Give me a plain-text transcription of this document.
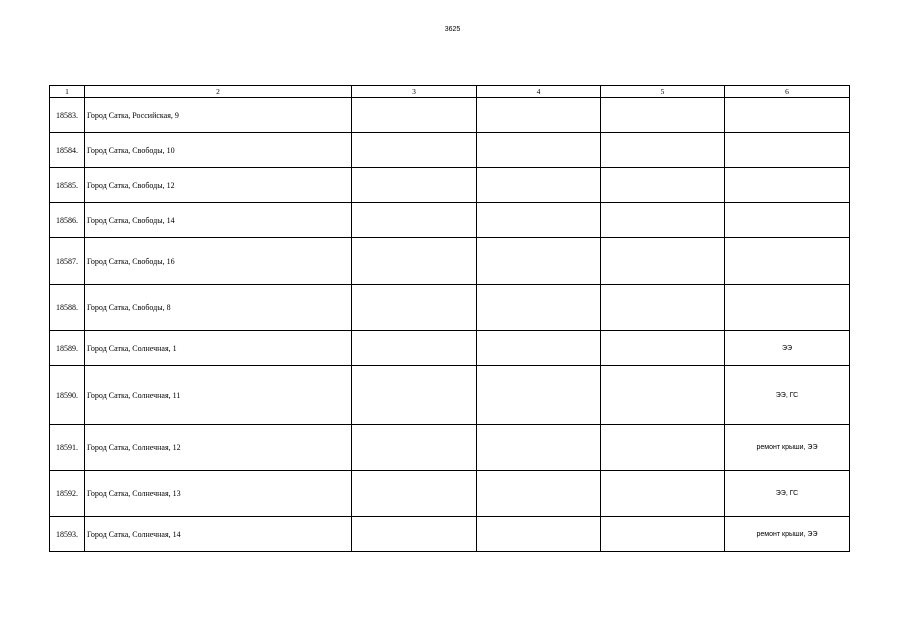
3625
1	2	3	4	5	6
18583.	Город Сатка, Российская, 9				
18584.	Город Сатка, Свободы, 10				
18585.	Город Сатка, Свободы, 12				
18586.	Город Сатка, Свободы, 14				
18587.	Город Сатка, Свободы, 16				
18588.	Город Сатка, Свободы, 8				
18589.	Город Сатка, Солнечная, 1				ЭЭ
18590.	Город Сатка, Солнечная, 11				ЭЭ, ГС
18591.	Город Сатка, Солнечная, 12				ремонт крыши, ЭЭ
18592.	Город Сатка, Солнечная, 13				ЭЭ, ГС
18593.	Город Сатка, Солнечная, 14				ремонт крыши, ЭЭ
